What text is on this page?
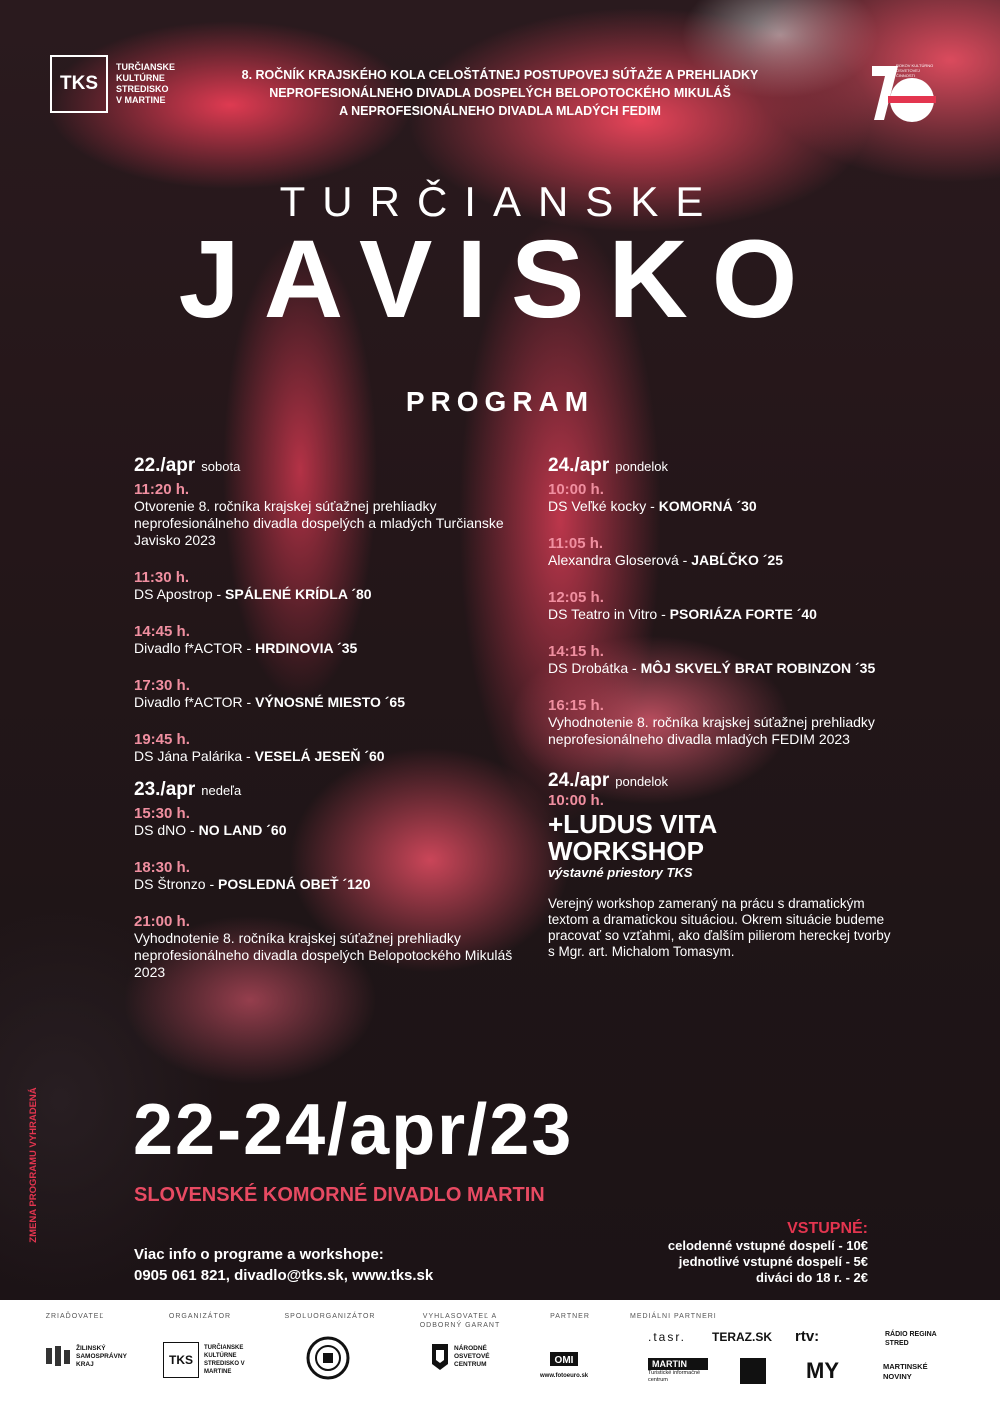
TKS
TURČIANSKE
KULTÚRNE
STREDISKO
V MARTINE
8. ROČNÍK KRAJSKÉHO KOLA CELOŠTÁTNEJ POSTUPOVEJ SÚŤAŽE A PREHLIADKY
NEPROFESIONÁLNEHO DIVADLA DOSPELÝCH BELOPOTOCKÉHO MIKULÁŠ
A NEPROFESIONÁLNEHO DIVADLA MLADÝCH FEDIM
ROKOV KULTÚRNO OSVETOVEJ ČINNOSTI
TURČIANSKE
JAVISKO
PROGRAM
22./apr sobota
11:20 h.
Otvorenie 8. ročníka krajskej súťažnej prehliadky neprofesionálneho divadla dospelých a mladých Turčianske Javisko 2023
11:30 h.
DS Apostrop - SPÁLENÉ KRÍDLA ´80
14:45 h.
Divadlo f*ACTOR - HRDINOVIA ´35
17:30 h.
Divadlo f*ACTOR - VÝNOSNÉ MIESTO ´65
19:45 h.
DS Jána Palárika - VESELÁ JESEŇ ´60
23./apr nedeľa
15:30 h.
DS dNO - NO LAND ´60
18:30 h.
DS Štronzo - POSLEDNÁ OBEŤ ´120
21:00 h.
Vyhodnotenie 8. ročníka krajskej súťažnej prehliadky neprofesionálneho divadla dospelých Belopotockého Mikuláš 2023
24./apr pondelok
10:00 h.
DS Veľké kocky - KOMORNÁ ´30
11:05 h.
Alexandra Gloserová - JABĹČKO ´25
12:05 h.
DS Teatro in Vitro - PSORIÁZA FORTE ´40
14:15 h.
DS Drobátka - MÔJ SKVELÝ BRAT ROBINZON ´35
16:15 h.
Vyhodnotenie 8. ročníka krajskej súťažnej prehliadky neprofesionálneho divadla mladých FEDIM 2023
24./apr pondelok
10:00 h.
+LUDUS VITA
WORKSHOP
výstavné priestory TKS
Verejný workshop zameraný na prácu s dramatickým textom a dramatickou situáciou. Okrem situácie budeme pracovať so vzťahmi, ako ďalším pilierom hereckej tvorby s Mgr. art. Michalom Tomasym.
22-24/apr/23
SLOVENSKÉ KOMORNÉ DIVADLO MARTIN
Viac info o programe a workshope:
0905 061 821, divadlo@tks.sk, www.tks.sk
ZMENA PROGRAMU VYHRADENÁ	VSTUPNÉ:
celodenné vstupné dospelí - 10€
jednotlivé vstupné dospelí - 5€
diváci do 18 r. - 2€
ZRIAĎOVATEĽ	ORGANIZÁTOR	SPOLUORGANIZÁTOR	VYHLASOVATEĽ A ODBORNÝ GARANT
PARTNER	MEDIÁLNI PARTNERI
ŽILINSKÝ SAMOSPRÁVNY KRAJ	TKS
TURČIANSKE KULTÚRNE STREDISKO V MARTINE
NÁRODNÉ OSVETOVÉ CENTRUM	OMI
www.fotoeuro.sk
.tasr. TERAZ.SK rtv:	RÁDIO REGINA STRED
MARTIN
Turistické informačné centrum	MY	MARTINSKÉ NOVINY
